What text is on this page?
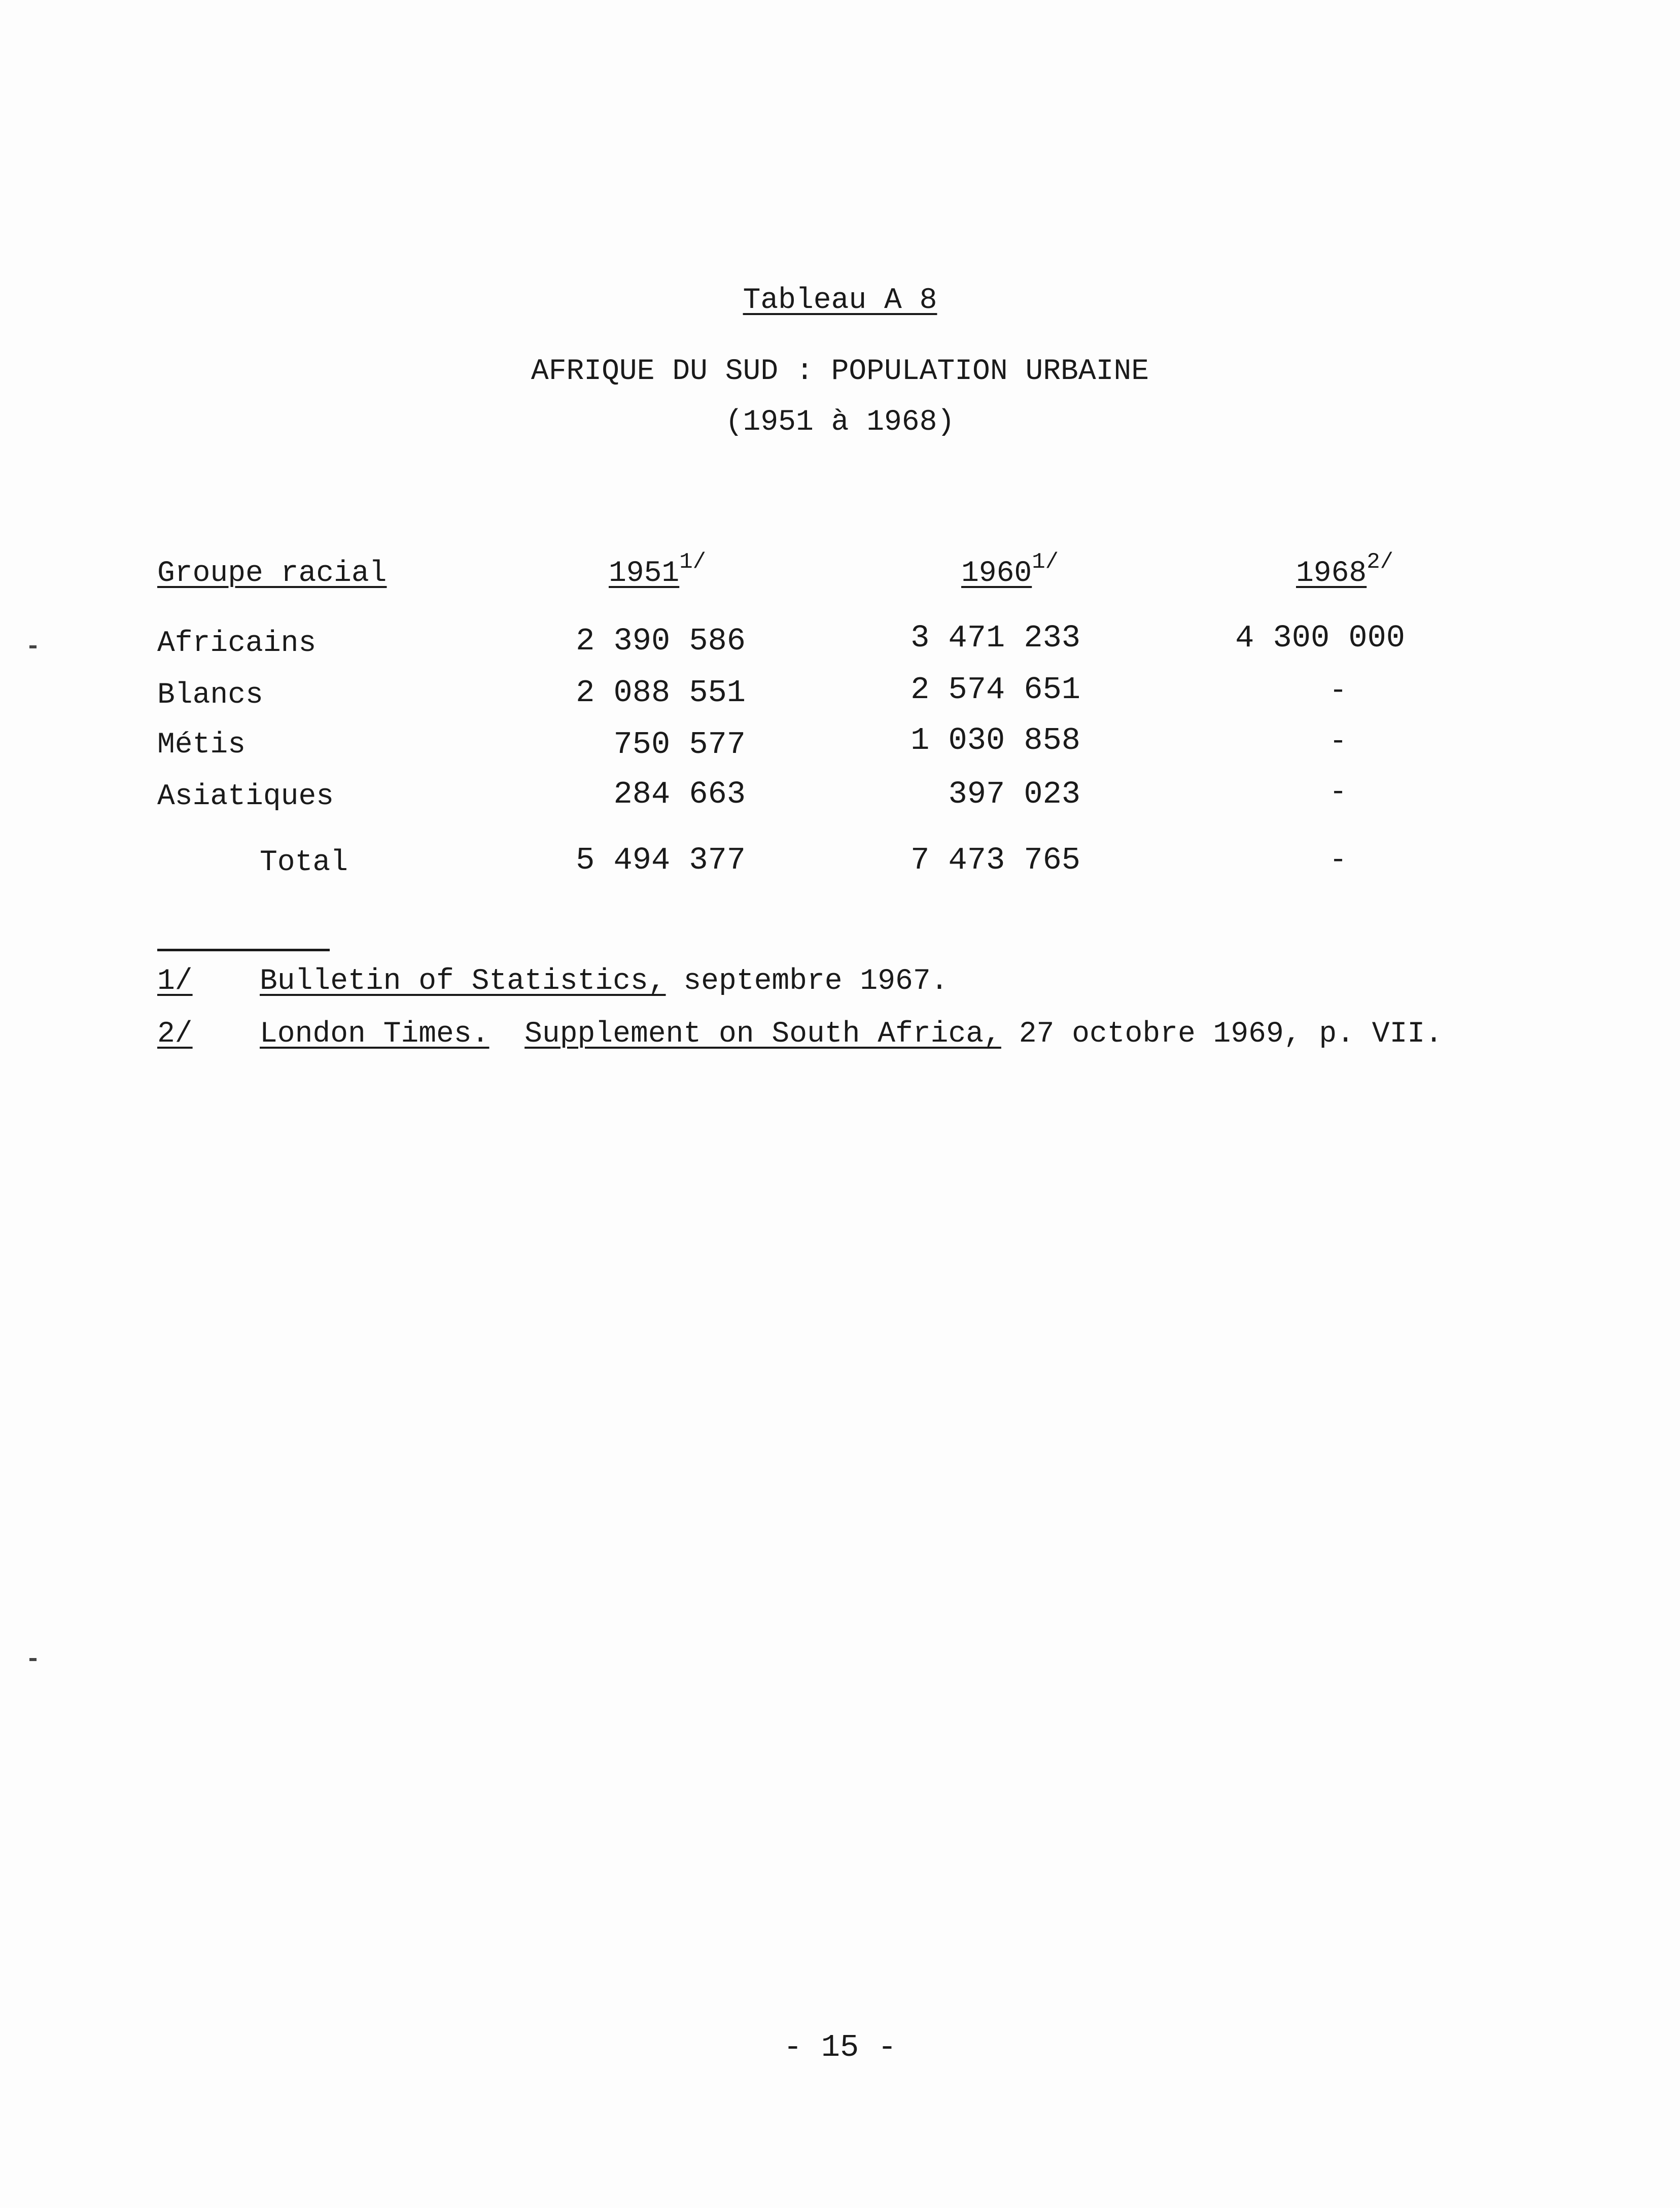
Tableau A 8
AFRIQUE DU SUD : POPULATION URBAINE
(1951 à 1968)
Groupe racial	$1951^{1/}$	$1960^{1/}$	$1968^{2/}$
Africains	2 390 586	3 471 233	4 300 000
Blancs	2 088 551	2 574 651	-
Métis	750 577	1 030 858	-
Asiatiques	284 663	397 023	-
Total	5 494 377	7 473 765	-
1/ Bulletin of Statistics, septembre 1967.
2/ London Times. Supplement on South Africa, 27 octobre 1969, p. VII.
- 15 -
